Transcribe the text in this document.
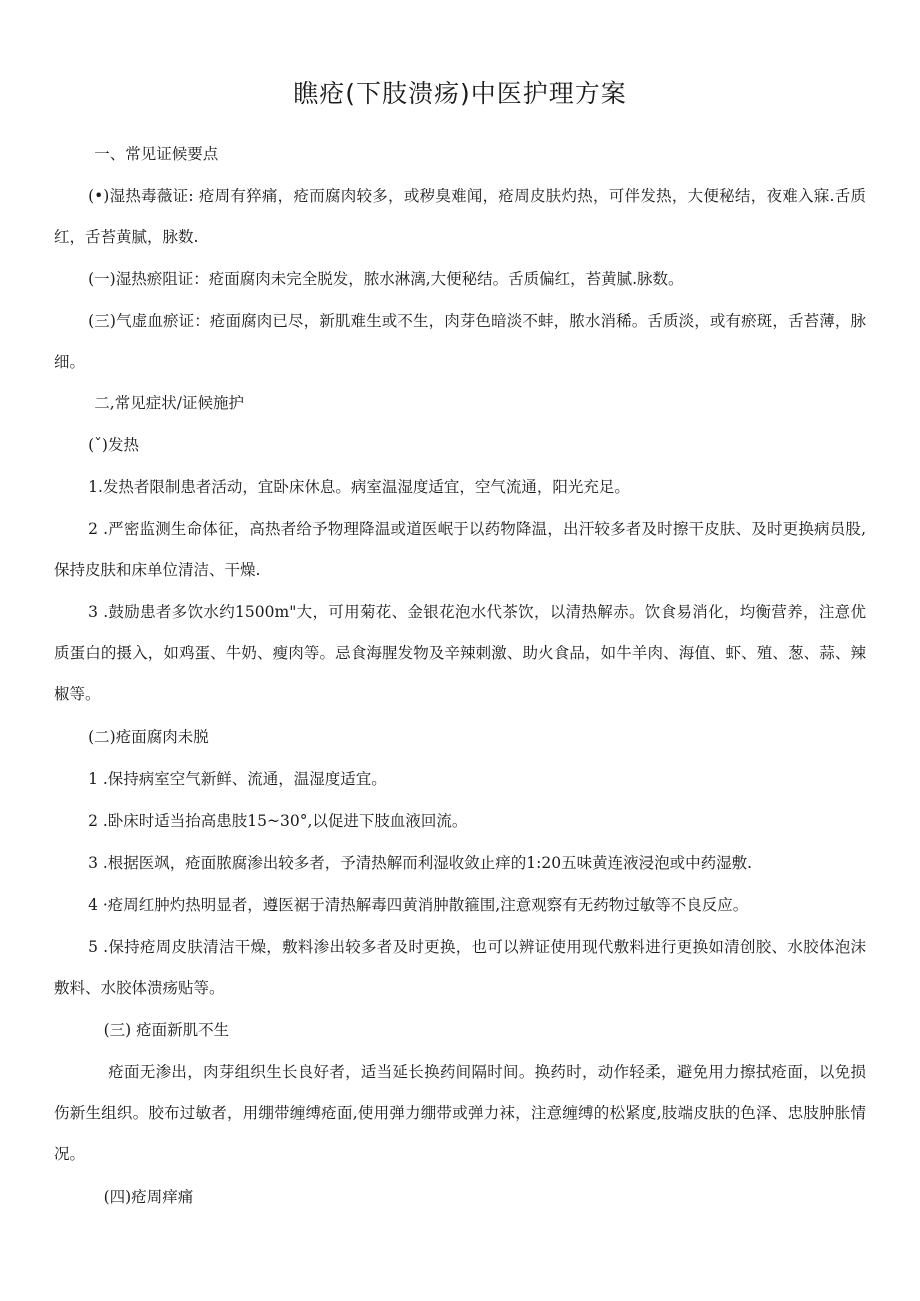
瞧疮(下肢溃疡)中医护理方案

一、常见证候要点

(•)湿热毒薇证: 疮周有猝痛，疮而腐肉较多，或秽臭难闻，疮周皮肤灼热，可伴发热，大便秘结，夜难入寐.舌质红，舌苔黄腻，脉数.

(一)湿热瘀阻证：疮面腐肉未完全脱发，脓水淋漓,大便秘结。舌质偏红，苔黄腻.脉数。

(三)气虚血瘀证：疮面腐肉已尽，新肌难生或不生，肉芽色暗淡不蚌，脓水消稀。舌质淡，或有瘀斑，舌苔薄，脉细。

二,常见症状/证候施护

(ˇ)发热

1.发热者限制患者活动，宜卧床休息。病室温湿度适宜，空气流通，阳光充足。

2 .严密监测生命体征，高热者给予物理降温或道医岷于以药物降温，出汗较多者及时擦干皮肤、及时更换病员股,保持皮肤和床单位清洁、干燥.

3 .鼓励患者多饮水约1500m"大，可用菊花、金银花泡水代茶饮，以清热解赤。饮食易消化，均衡营养，注意优质蛋白的摄入，如鸡蛋、牛奶、瘦肉等。忌食海腥发物及辛辣刺激、助火食品，如牛羊肉、海值、虾、殖、葱、蒜、辣椒等。

(二)疮面腐肉未脱

1 .保持病室空气新鲜、流通，温湿度适宜。

2 .卧床时适当抬高患肢15~30°,以促进下肢血液回流。

3 .根据医飒，疮面脓腐渗出较多者，予清热解而利湿收敛止痒的1:20五味黄连液浸泡或中药湿敷.

4 ·疮周红肿灼热明显者，遵医裾于清热解毒四黄消肿散箍围,注意观察有无药物过敏等不良反应。

5 .保持疮周皮肤清洁干燥，敷料渗出较多者及时更换，也可以辨证使用现代敷料进行更换如清创胶、水胶体泡沫敷料、水胶体溃疡贴等。

(三) 疮面新肌不生

疮面无渗出，肉芽组织生长良好者，适当延长换药间隔时间。换药时，动作轻柔，避免用力擦拭疮面，以免损伤新生组织。胶布过敏者，用绷带缠缚疮面,使用弹力绷带或弹力袜，注意缠缚的松紧度,肢端皮肤的色泽、忠肢肿胀情况。

(四)疮周痒痛
